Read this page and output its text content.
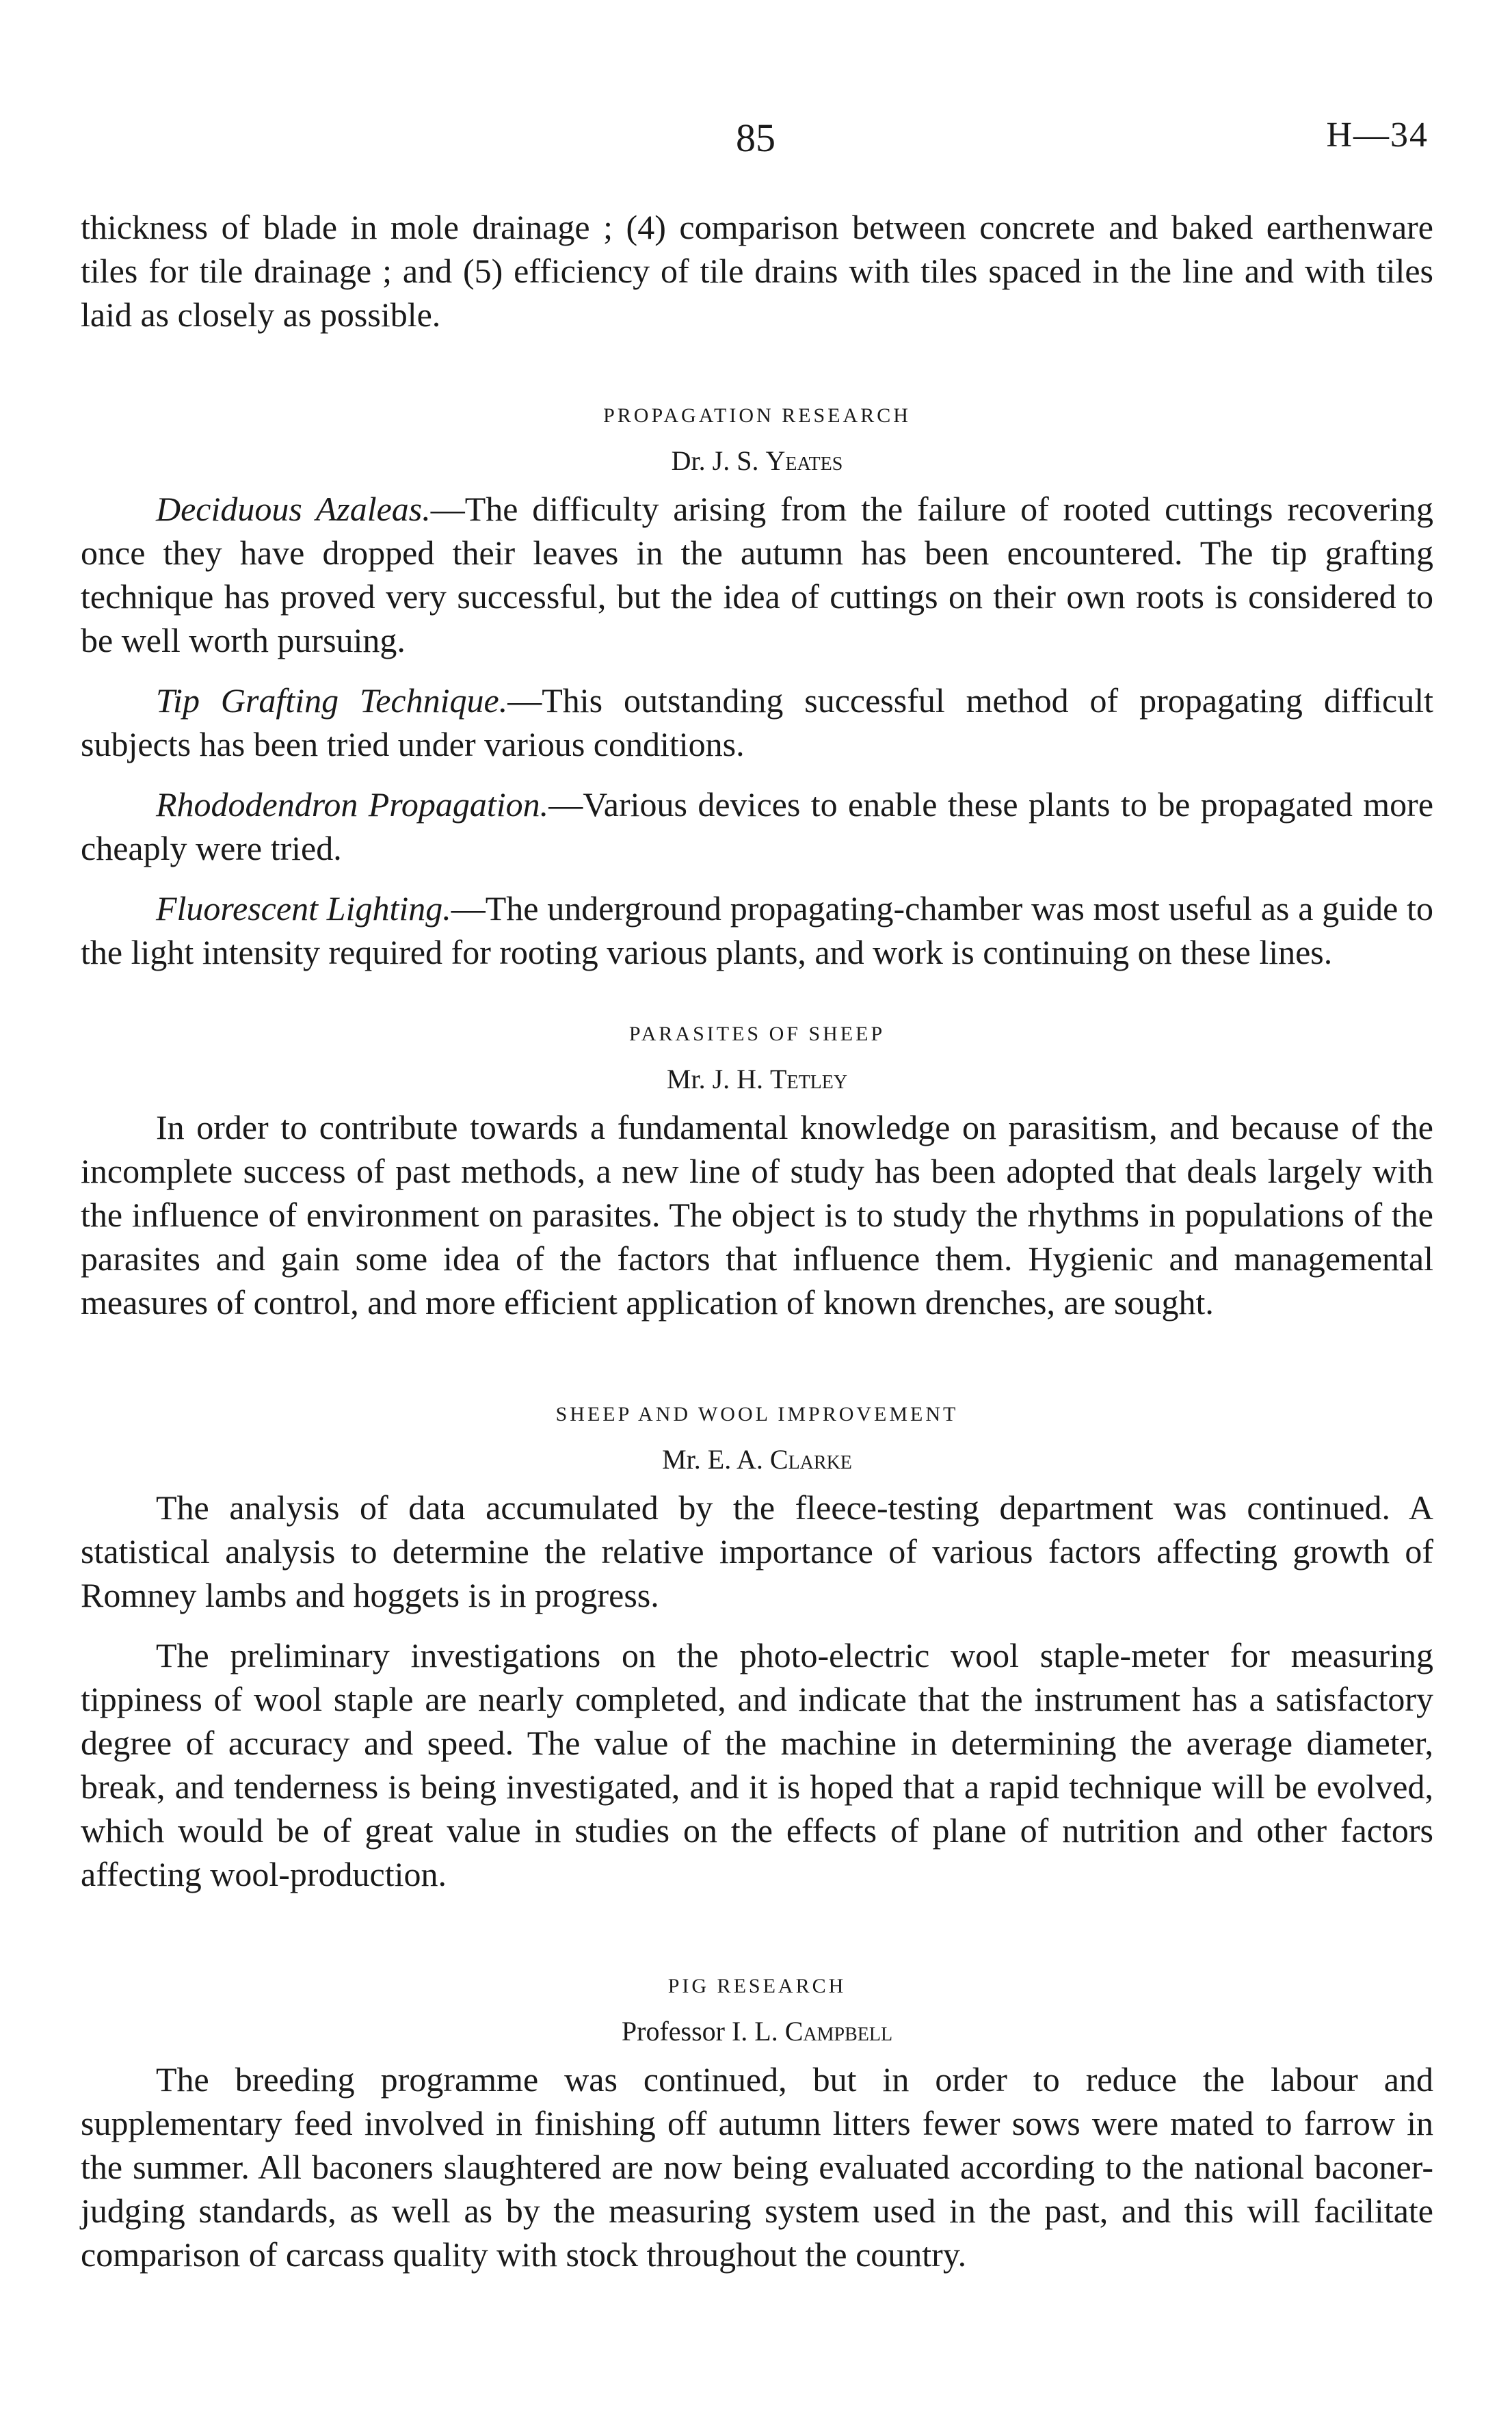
85	H—34

thickness of blade in mole drainage ; (4) comparison between concrete and baked earthenware tiles for tile drainage ; and (5) efficiency of tile drains with tiles spaced in the line and with tiles laid as closely as possible.

PROPAGATION RESEARCH
Dr. J. S. Yeates

Deciduous Azaleas.—The difficulty arising from the failure of rooted cuttings recovering once they have dropped their leaves in the autumn has been encountered. The tip grafting technique has proved very successful, but the idea of cuttings on their own roots is considered to be well worth pursuing.

Tip Grafting Technique.—This outstanding successful method of propagating difficult subjects has been tried under various conditions.

Rhododendron Propagation.—Various devices to enable these plants to be propagated more cheaply were tried.

Fluorescent Lighting.—The underground propagating-chamber was most useful as a guide to the light intensity required for rooting various plants, and work is continuing on these lines.

PARASITES OF SHEEP
Mr. J. H. Tetley

In order to contribute towards a fundamental knowledge on parasitism, and because of the incomplete success of past methods, a new line of study has been adopted that deals largely with the influence of environment on parasites. The object is to study the rhythms in populations of the parasites and gain some idea of the factors that influence them. Hygienic and managemental measures of control, and more efficient application of known drenches, are sought.

SHEEP AND WOOL IMPROVEMENT
Mr. E. A. Clarke

The analysis of data accumulated by the fleece-testing department was continued. A statistical analysis to determine the relative importance of various factors affecting growth of Romney lambs and hoggets is in progress.

The preliminary investigations on the photo-electric wool staple-meter for measuring tippiness of wool staple are nearly completed, and indicate that the instrument has a satisfactory degree of accuracy and speed. The value of the machine in determining the average diameter, break, and tenderness is being investigated, and it is hoped that a rapid technique will be evolved, which would be of great value in studies on the effects of plane of nutrition and other factors affecting wool-production.

PIG RESEARCH
Professor I. L. Campbell

The breeding programme was continued, but in order to reduce the labour and supplementary feed involved in finishing off autumn litters fewer sows were mated to farrow in the summer. All baconers slaughtered are now being evaluated according to the national baconer-judging standards, as well as by the measuring system used in the past, and this will facilitate comparison of carcass quality with stock throughout the country.
